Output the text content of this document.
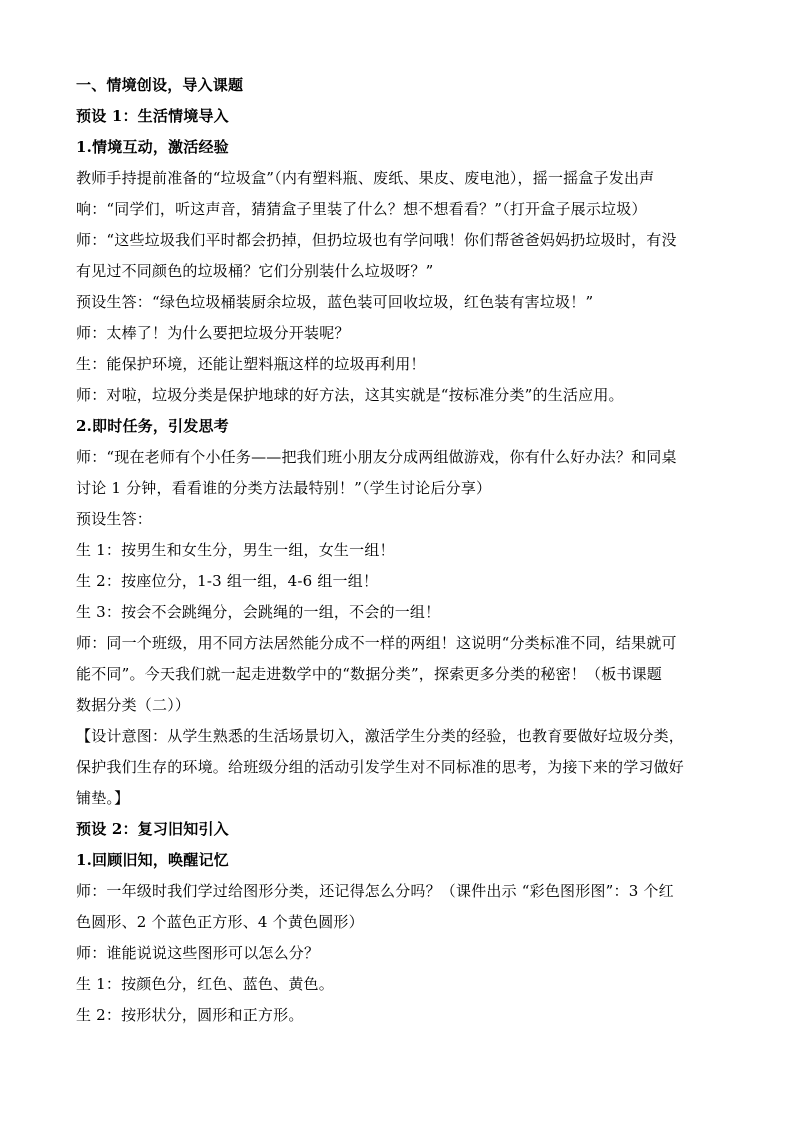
一、情境创设，导入课题

预设 1：生活情境导入

1.情境互动，激活经验

教师手持提前准备的“垃圾盒”（内有塑料瓶、废纸、果皮、废电池），摇一摇盒子发出声

响：“同学们，听这声音，猜猜盒子里装了什么？想不想看看？”（打开盒子展示垃圾）

师：“这些垃圾我们平时都会扔掉，但扔垃圾也有学问哦！你们帮爸爸妈妈扔垃圾时，有没

有见过不同颜色的垃圾桶？它们分别装什么垃圾呀？”

预设生答：“绿色垃圾桶装厨余垃圾，蓝色装可回收垃圾，红色装有害垃圾！”

师：太棒了！为什么要把垃圾分开装呢？

生：能保护环境，还能让塑料瓶这样的垃圾再利用！

师：对啦，垃圾分类是保护地球的好方法，这其实就是“按标准分类”的生活应用。

2.即时任务，引发思考

师：“现在老师有个小任务——把我们班小朋友分成两组做游戏，你有什么好办法？和同桌

讨论 1 分钟，看看谁的分类方法最特别！”（学生讨论后分享）

预设生答：

生 1：按男生和女生分，男生一组，女生一组！

生 2：按座位分，1-3 组一组，4-6 组一组！

生 3：按会不会跳绳分，会跳绳的一组，不会的一组！

师：同一个班级，用不同方法居然能分成不一样的两组！这说明“分类标准不同，结果就可

能不同”。今天我们就一起走进数学中的“数据分类”，探索更多分类的秘密！（板书课题

数据分类（二））

【设计意图：从学生熟悉的生活场景切入，激活学生分类的经验，也教育要做好垃圾分类，

保护我们生存的环境。给班级分组的活动引发学生对不同标准的思考，为接下来的学习做好

铺垫。】

预设 2：复习旧知引入

1.回顾旧知，唤醒记忆

师：一年级时我们学过给图形分类，还记得怎么分吗？（课件出示 “彩色图形图”：3 个红

色圆形、2 个蓝色正方形、4 个黄色圆形）

师：谁能说说这些图形可以怎么分？

生 1：按颜色分，红色、蓝色、黄色。

生 2：按形状分，圆形和正方形。
